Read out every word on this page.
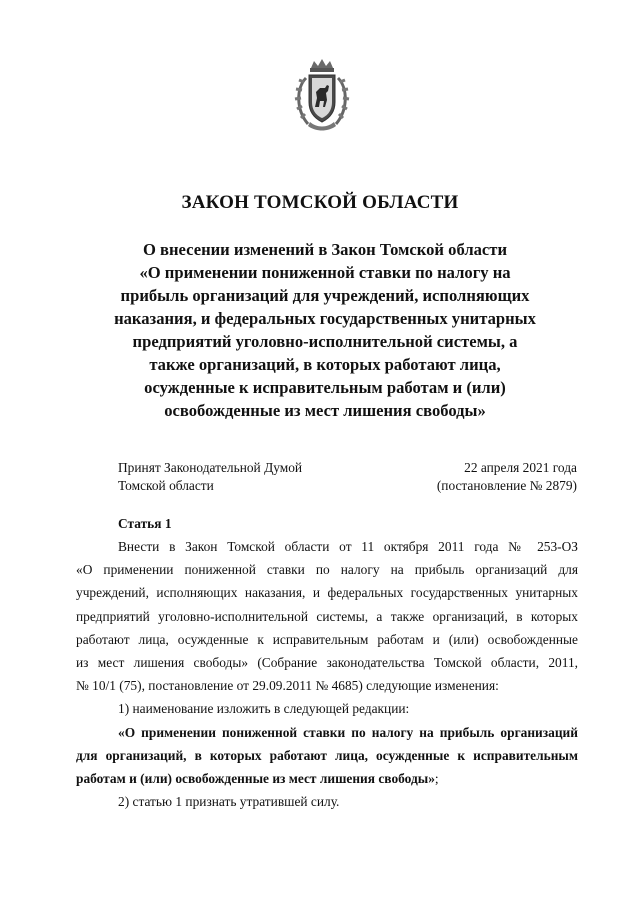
ЗАКОН ТОМСКОЙ ОБЛАСТИ
О внесении изменений в Закон Томской области
«О применении пониженной ставки по налогу на
прибыль организаций для учреждений, исполняющих
наказания, и федеральных государственных унитарных
предприятий уголовно-исполнительной системы, а
также организаций, в которых работают лица,
осужденные к исправительным работам и (или)
освобожденные из мест лишения свободы»
Принят Законодательной Думой
Томской области
22 апреля 2021 года
(постановление № 2879)
Статья 1
Внести в Закон Томской области от 11 октября 2011 года № 253-ОЗ
«О применении пониженной ставки по налогу на прибыль организаций для
учреждений, исполняющих наказания, и федеральных государственных унитарных
предприятий уголовно-исполнительной системы, а также организаций, в которых
работают лица, осужденные к исправительным работам и (или) освобожденные
из мест лишения свободы» (Собрание законодательства Томской области, 2011,
№ 10/1 (75), постановление от 29.09.2011 № 4685) следующие изменения:
1) наименование изложить в следующей редакции:
«О применении пониженной ставки по налогу на прибыль организаций
для организаций, в которых работают лица, осужденные к исправительным
работам и (или) освобожденные из мест лишения свободы»;
2) статью 1 признать утратившей силу.
